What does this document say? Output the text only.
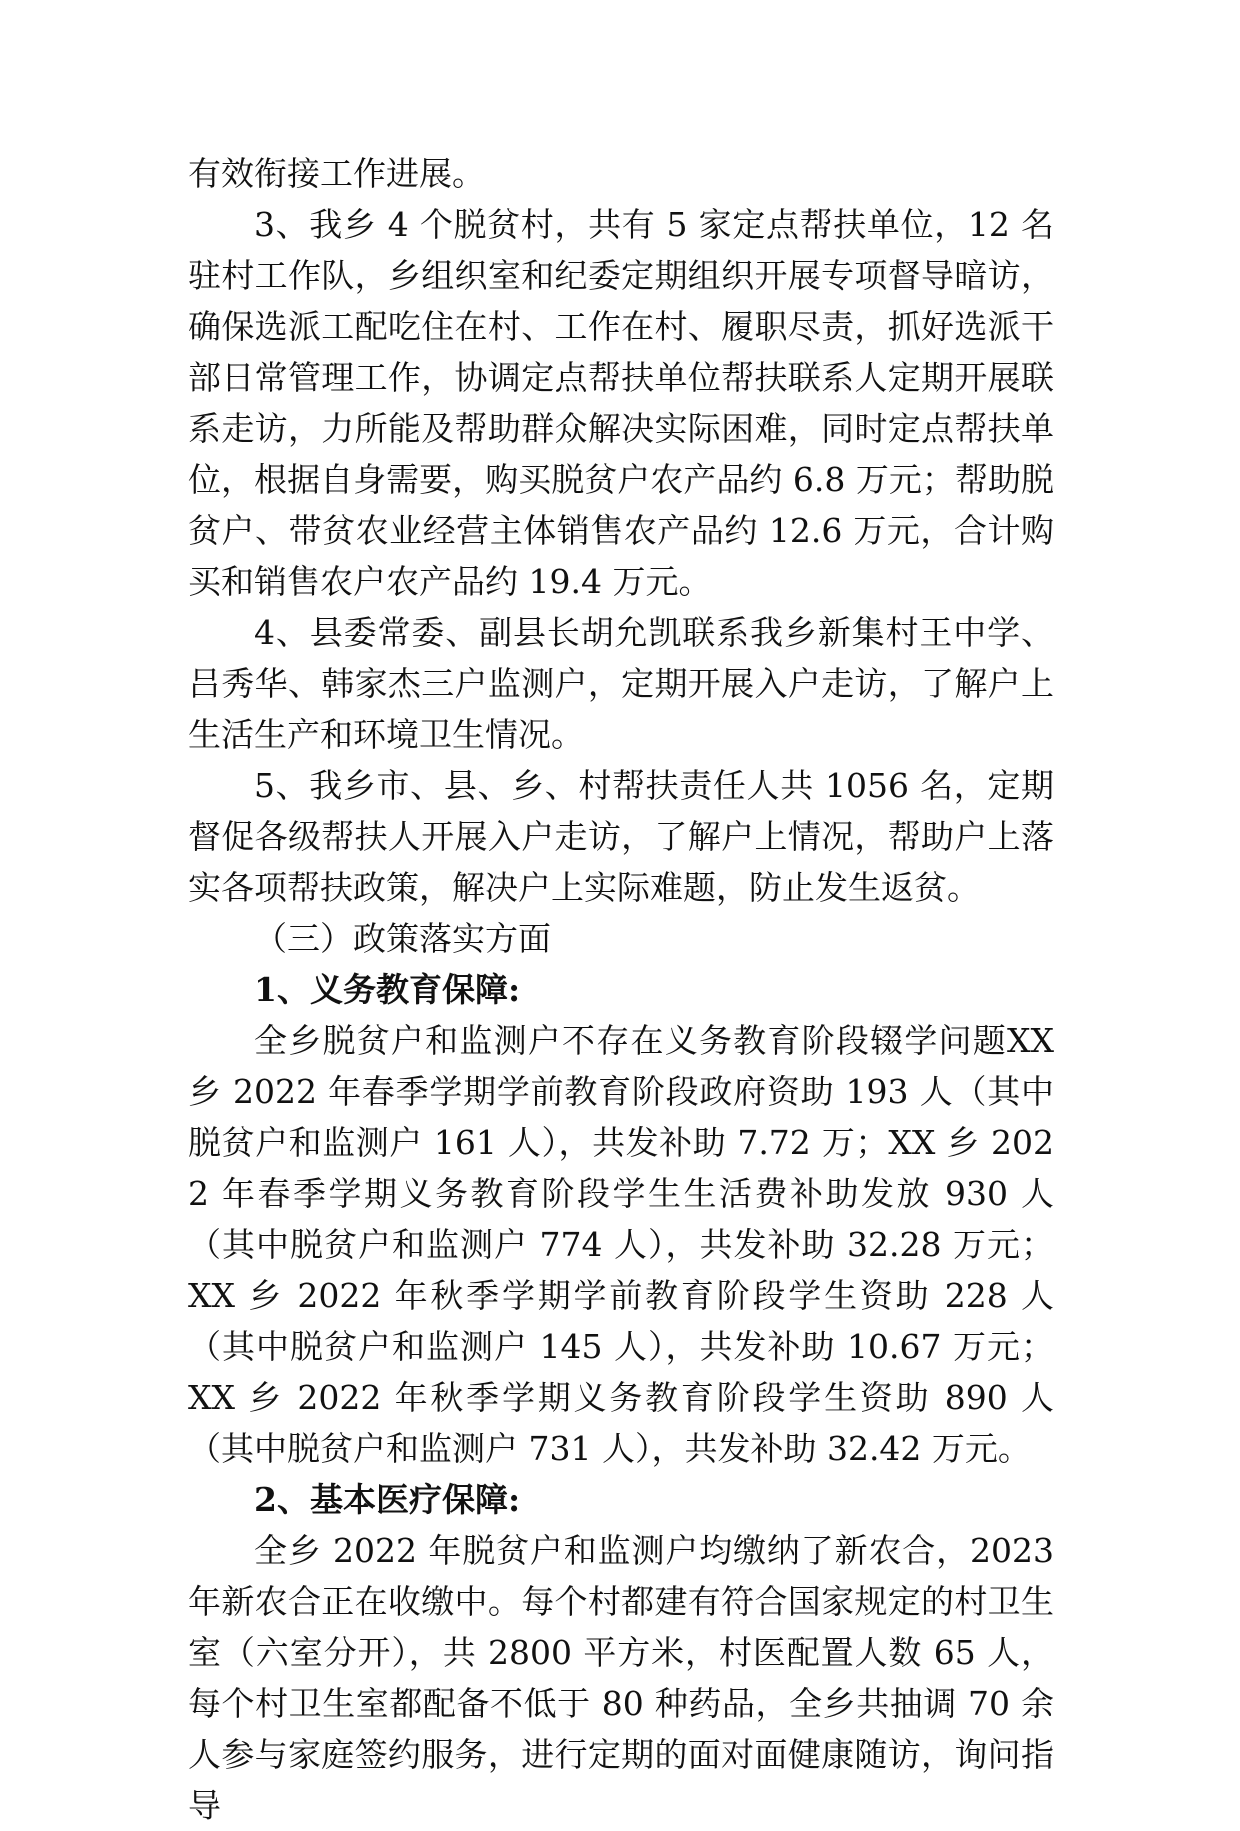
有效衔接工作进展。

3、我乡 4 个脱贫村，共有 5 家定点帮扶单位，12 名驻村工作队，乡组织室和纪委定期组织开展专项督导暗访，确保选派工配吃住在村、工作在村、履职尽责，抓好选派干部日常管理工作，协调定点帮扶单位帮扶联系人定期开展联系走访，力所能及帮助群众解决实际困难，同时定点帮扶单位，根据自身需要，购买脱贫户农产品约 6.8 万元；帮助脱贫户、带贫农业经营主体销售农产品约 12.6 万元，合计购买和销售农户农产品约 19.4 万元。

4、县委常委、副县长胡允凯联系我乡新集村王中学、吕秀华、韩家杰三户监测户，定期开展入户走访，了解户上生活生产和环境卫生情况。

5、我乡市、县、乡、村帮扶责任人共 1056 名，定期督促各级帮扶人开展入户走访，了解户上情况，帮助户上落实各项帮扶政策，解决户上实际难题，防止发生返贫。

（三）政策落实方面

1、义务教育保障:

全乡脱贫户和监测户不存在义务教育阶段辍学问题XX 乡 2022 年春季学期学前教育阶段政府资助 193 人（其中脱贫户和监测户 161 人），共发补助 7.72 万；XX 乡 2022 年春季学期义务教育阶段学生生活费补助发放 930 人（其中脱贫户和监测户 774 人），共发补助 32.28 万元；XX 乡 2022 年秋季学期学前教育阶段学生资助 228 人（其中脱贫户和监测户 145 人），共发补助 10.67 万元；XX 乡 2022 年秋季学期义务教育阶段学生资助 890 人（其中脱贫户和监测户 731 人），共发补助 32.42 万元。

2、基本医疗保障:

全乡 2022 年脱贫户和监测户均缴纳了新农合，2023 年新农合正在收缴中。每个村都建有符合国家规定的村卫生室（六室分开），共 2800 平方米，村医配置人数 65 人，每个村卫生室都配备不低于 80 种药品，全乡共抽调 70 余人参与家庭签约服务，进行定期的面对面健康随访，询问指导
